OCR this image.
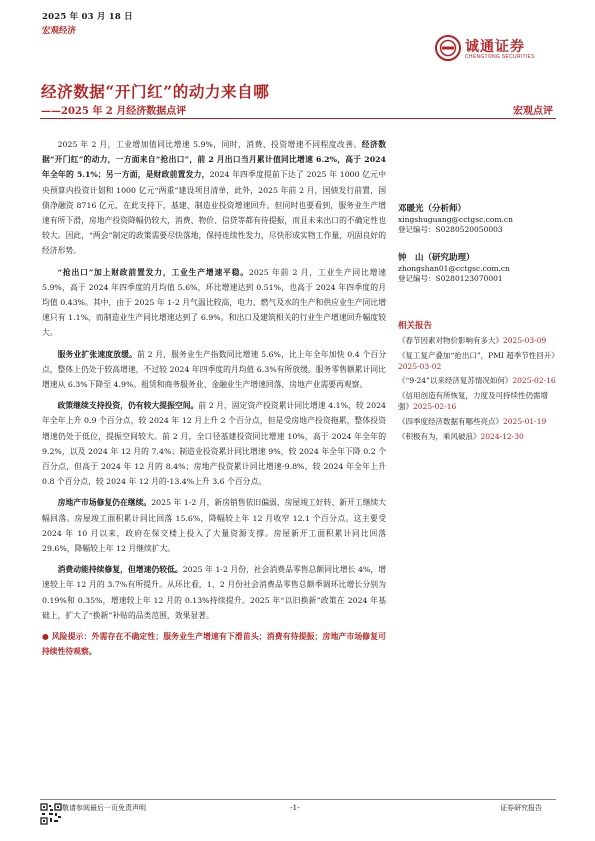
2025 年 03 月 18 日
宏观经济
诚通证券
CHENGTONG SECURITIES
经济数据“开门红”的动力来自哪
——2025 年 2 月经济数据点评	宏观点评

2025 年 2 月，工业增加值同比增速 5.9%，同时，消费、投资增速不同程度改善。经济数据“开门红”的动力，一方面来自“抢出口”，前 2 月出口当月累计值同比增速 6.2%，高于 2024 年全年的 5.1%；另一方面，是财政前置发力，2024 年四季度提前下达了 2025 年 1000 亿元中央预算内投资计划和 1000 亿元“两重”建设项目清单，此外，2025 年前 2 月，国债发行前置，国债净融资 8716 亿元，在此支持下，基建、制造业投资增速回升。但同时也要看到，服务业生产增速有所下滑，房地产投资降幅仍较大，消费、物价、信贷等都有待提振，而且未来出口的不确定性也较大。因此，“两会”制定的政策需要尽快落地，保持连续性发力，尽快形成实物工作量，巩固良好的经济形势。

“抢出口”加上财政前置发力，工业生产增速平稳。2025 年前 2 月，工业生产同比增速 5.9%，高于 2024 年四季度的月均值 5.6%，环比增速达到 0.51%，也高于 2024 年四季度的月均值 0.43%。其中，由于 2025 年 1-2 月气温比较高，电力、燃气及水的生产和供应业生产同比增速只有 1.1%，而制造业生产同比增速达到了 6.9%。和出口及建筑相关的行业生产增速回升幅度较大。

服务业扩张速度放缓。前 2 月，服务业生产指数同比增速 5.6%，比上年全年加快 0.4 个百分点，整体上仍处于较高增速，不过较 2024 年四季度的月均值 6.3%有所放缓。服务零售额累计同比增速从 6.3%下降至 4.9%。租赁和商务服务业、金融业生产增速回落，房地产业需要再观察。

政策继续支持投资，仍有较大提振空间。前 2 月，固定资产投资累计同比增速 4.1%，较 2024 年全年上升 0.9 个百分点，较 2024 年 12 月上升 2 个百分点，但是受房地产投资拖累，整体投资增速仍处于低位，提振空间较大。前 2 月，全口径基建投资同比增速 10%，高于 2024 年全年的 9.2%，以及 2024 年 12 月的 7.4%；制造业投资累计同比增速 9%，较 2024 年全年下降 0.2 个百分点，但高于 2024 年 12 月的 8.4%；房地产投资累计同比增速-9.8%，较 2024 年全年上升 0.8 个百分点，较 2024 年 12 月的-13.4%上升 3.6 个百分点。

房地产市场修复仍在继续。2025 年 1-2 月，新房销售依旧偏弱，房屋竣工好转、新开工继续大幅回落。房屋竣工面积累计同比回落 15.6%，降幅较上年 12 月收窄 12.1 个百分点。这主要受 2024 年 10 月以来，政府在保交楼上投入了大量资源支撑。房屋新开工面积累计同比回落 29.6%，降幅较上年 12 月继续扩大。

消费动能持续修复，但增速仍较低。2025 年 1-2 月份，社会消费品零售总额同比增长 4%，增速较上年 12 月的 3.7%有所提升。从环比看，1、2 月份社会消费品零售总额季调环比增长分别为 0.19%和 0.35%，增速较上年 12 月的 0.13%持续提升。2025 年“以旧换新”政策在 2024 年基础上，扩大了“换新”补贴的品类范围，效果显著。

● 风险提示：外需存在不确定性；服务业生产增速有下滑苗头；消费有待提振；房地产市场修复可持续性待观察。

邓暖光（分析师）
xingshuguang@cctgsc.com.cn
登记编号：S0280520050003
钟　山（研究助理）
zhongshan01@cctgsc.com.cn
登记编号：S0280123070001
相关报告
《春节因素对物价影响有多大》2025-03-09
《复工复产叠加“抢出口”，PMI 超季节性回升》2025-03-02
《“9·24”以来经济复苏情况如何》2025-02-16
《信用创造有所恢复，力度及可持续性仍需增强》2025-02-16
《四季度经济数据有哪些亮点》2025-01-19
《积极有为，乘风破浪》2024-12-30
敬请参阅最后一页免责声明	-1-	证券研究报告
